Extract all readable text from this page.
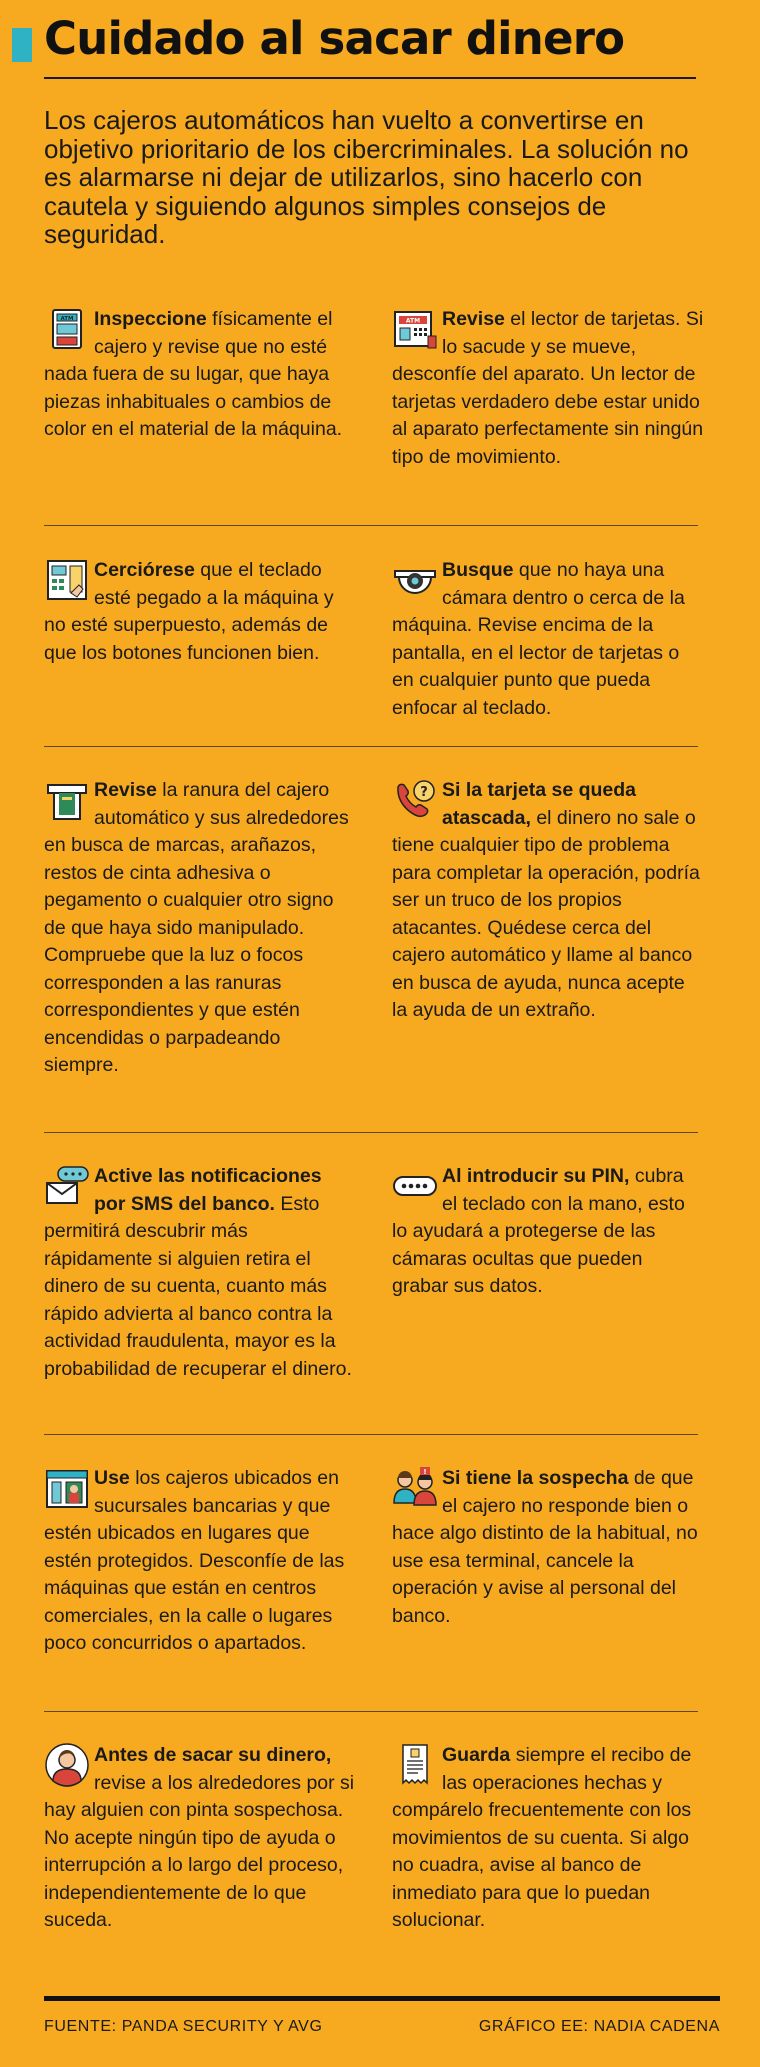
Cuidado al sacar dinero

Los cajeros automáticos han vuelto a convertirse en objetivo prioritario de los cibercriminales. La solución no es alarmarse ni dejar de utilizarlos, sino hacerlo con cautela y siguiendo algunos simples consejos de seguridad.

ATM Inspeccione físicamente el cajero y revise que no esté nada fuera de su lugar, que haya piezas inhabituales o cambios de color en el material de la máquina.
ATM Revise el lector de tarjetas. Si lo sacude y se mueve, desconfíe del aparato. Un lector de tarjetas verdadero debe estar unido al aparato perfectamente sin ningún tipo de movimiento.
Cerciórese que el teclado esté pegado a la máquina y no esté superpuesto, además de que los botones funcionen bien.
Busque que no haya una cámara dentro o cerca de la máquina. Revise encima de la pantalla, en el lector de tarjetas o en cualquier punto que pueda enfocar al teclado.
Revise la ranura del cajero automático y sus alrededores en busca de marcas, arañazos, restos de cinta adhesiva o pegamento o cualquier otro signo de que haya sido manipulado. Compruebe que la luz o focos corresponden a las ranuras correspondientes y que estén encendidas o parpadeando siempre.
? Si la tarjeta se queda atascada, el dinero no sale o tiene cualquier tipo de problema para completar la operación, podría ser un truco de los propios atacantes. Quédese cerca del cajero automático y llame al banco en busca de ayuda, nunca acepte la ayuda de un extraño.
Active las notificaciones por SMS del banco. Esto permitirá descubrir más rápidamente si alguien retira el dinero de su cuenta, cuanto más rápido advierta al banco contra la actividad fraudulenta, mayor es la probabilidad de recuperar el dinero.
Al introducir su PIN, cubra el teclado con la mano, esto lo ayudará a protegerse de las cámaras ocultas que pueden grabar sus datos.
Use los cajeros ubicados en sucursales bancarias y que estén ubicados en lugares que estén protegidos. Desconfíe de las máquinas que están en centros comerciales, en la calle o lugares poco concurridos o apartados.
! Si tiene la sospecha de que el cajero no responde bien o hace algo distinto de la habitual, no use esa terminal, cancele la operación y avise al personal del banco.
Antes de sacar su dinero, revise a los alrededores por si hay alguien con pinta sospechosa. No acepte ningún tipo de ayuda o interrupción a lo largo del proceso, independientemente de lo que suceda.
Guarda siempre el recibo de las operaciones hechas y compárelo frecuentemente con los movimientos de su cuenta. Si algo no cuadra, avise al banco de inmediato para que lo puedan solucionar.
FUENTE: PANDA SECURITY Y AVG	GRÁFICO EE: NADIA CADENA
